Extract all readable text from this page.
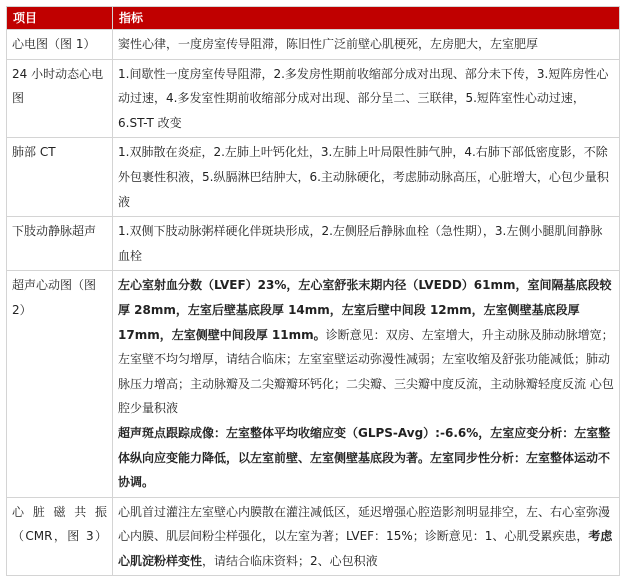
项目	指标
心电图（图 1）	窦性心律，一度房室传导阻滞，陈旧性广泛前壁心肌梗死，左房肥大，左室肥厚
24 小时动态心电图	1.间歇性一度房室传导阻滞，2.多发房性期前收缩部分成对出现、部分未下传，3.短阵房性心动过速，4.多发室性期前收缩部分成对出现、部分呈二、三联律，5.短阵室性心动过速，6.ST-T 改变
肺部 CT	1.双肺散在炎症，2.左肺上叶钙化灶，3.左肺上叶局限性肺气肿，4.右肺下部低密度影，不除外包裹性积液，5.纵膈淋巴结肿大，6.主动脉硬化，考虑肺动脉高压，心脏增大，心包少量积液
下肢动静脉超声	1.双侧下肢动脉粥样硬化伴斑块形成，2.左侧胫后静脉血栓（急性期），3.左侧小腿肌间静脉血栓
超声心动图（图 2）	左心室射血分数（LVEF）23%，左心室舒张末期内径（LVEDD）61mm，室间隔基底段较厚 28mm，左室后壁基底段厚 14mm，左室后壁中间段 12mm，左室侧壁基底段厚 17mm，左室侧壁中间段厚 11mm。诊断意见：双房、左室增大，升主动脉及肺动脉增宽；左室壁不均匀增厚，请结合临床；左室室壁运动弥漫性减弱；左室收缩及舒张功能减低；肺动脉压力增高；主动脉瓣及二尖瓣瓣环钙化；二尖瓣、三尖瓣中度反流，主动脉瓣轻度反流 心包腔少量积液
超声斑点跟踪成像：左室整体平均收缩应变（GLPS-Avg）:-6.6%，左室应变分析：左室整体纵向应变能力降低，以左室前壁、左室侧壁基底段为著。左室同步性分析：左室整体运动不协调。

心脏磁共振（CMR，图 3）	心肌首过灌注左室壁心内膜散在灌注减低区，延迟增强心腔造影剂明显排空，左、右心室弥漫心内膜、肌层间粉尘样强化，以左室为著；LVEF：15%；诊断意见：1、心肌受累疾患，考虑心肌淀粉样变性，请结合临床资料；2、心包积液
